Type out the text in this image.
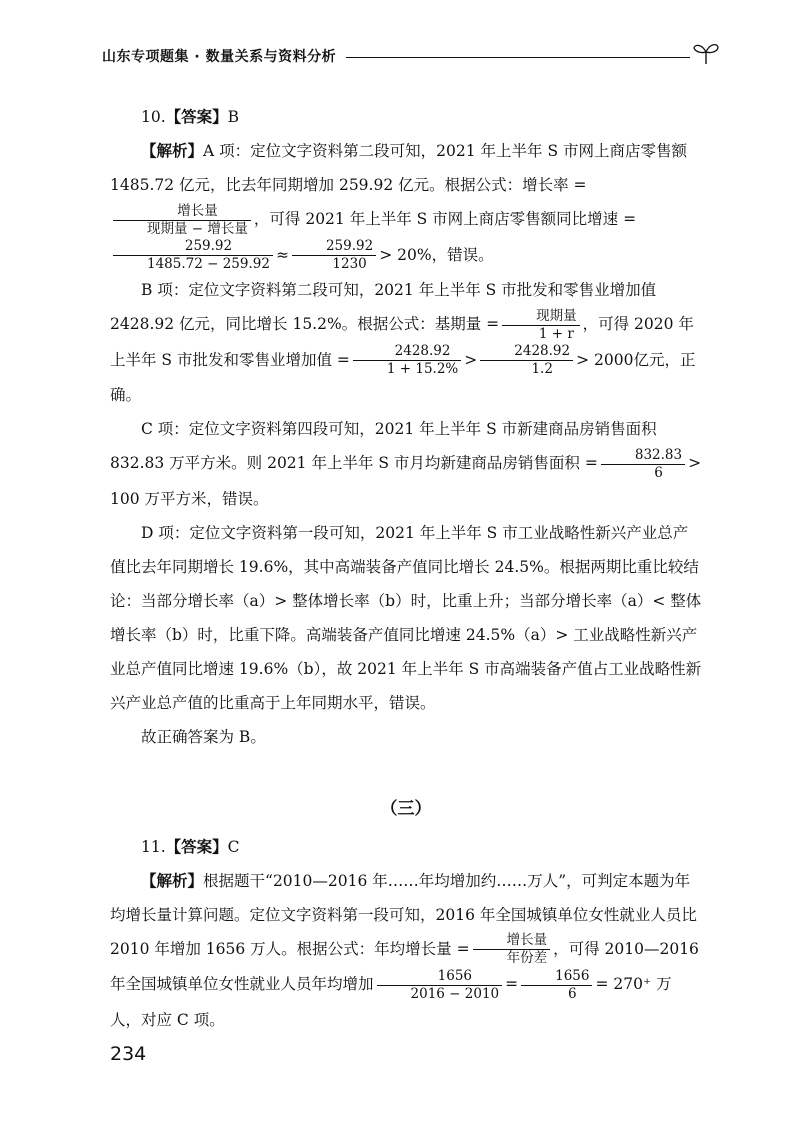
山东专项题集 · 数量关系与资料分析

10.【答案】B

【解析】A 项：定位文字资料第二段可知，2021 年上半年 S 市网上商店零售额 1485.72 亿元，比去年同期增加 259.92 亿元。根据公式：增长率 =
$\frac{\text{增长量}}{\text{现期量 − 增长量}}$ ，可得 2021 年上半年 S 市网上商店零售额同比增速 =
$\frac{259.92}{1485.72 - 259.92} \approx \frac{259.92}{1230} > 20\%$，错误。

B 项：定位文字资料第二段可知，2021 年上半年 S 市批发和零售业增加值 2428.92 亿元，同比增长 15.2%。根据公式：基期量 = $\frac{\text{现期量}}{1 + r}$ ，可得 2020 年上半年 S 市批发和零售业增加值 = $\frac{2428.92}{1 + 15.2\%} > \frac{2428.92}{1.2} > 2000$亿元，正确。

C 项：定位文字资料第四段可知，2021 年上半年 S 市新建商品房销售面积 832.83 万平方米。则 2021 年上半年 S 市月均新建商品房销售面积 = $\frac{832.83}{6} > 100$ 万平方米，错误。

D 项：定位文字资料第一段可知，2021 年上半年 S 市工业战略性新兴产业总产值比去年同期增长 19.6%，其中高端装备产值同比增长 24.5%。根据两期比重比较结论：当部分增长率（a）> 整体增长率（b）时，比重上升；当部分增长率（a）< 整体增长率（b）时，比重下降。高端装备产值同比增速 24.5%（a）> 工业战略性新兴产业总产值同比增速 19.6%（b），故 2021 年上半年 S 市高端装备产值占工业战略性新兴产业总产值的比重高于上年同期水平，错误。

故正确答案为 B。

（三）

11.【答案】C

【解析】根据题干“2010—2016 年……年均增加约……万人”，可判定本题为年均增长量计算问题。定位文字资料第一段可知，2016 年全国城镇单位女性就业人员比 2010 年增加 1656 万人。根据公式：年均增长量 = $\frac{\text{增长量}}{\text{年份差}}$ ，可得 2010—2016 年全国城镇单位女性就业人员年均增加 $\frac{1656}{2016 - 2010} = \frac{1656}{6} = 270^+$ 万人，对应 C 项。

234
